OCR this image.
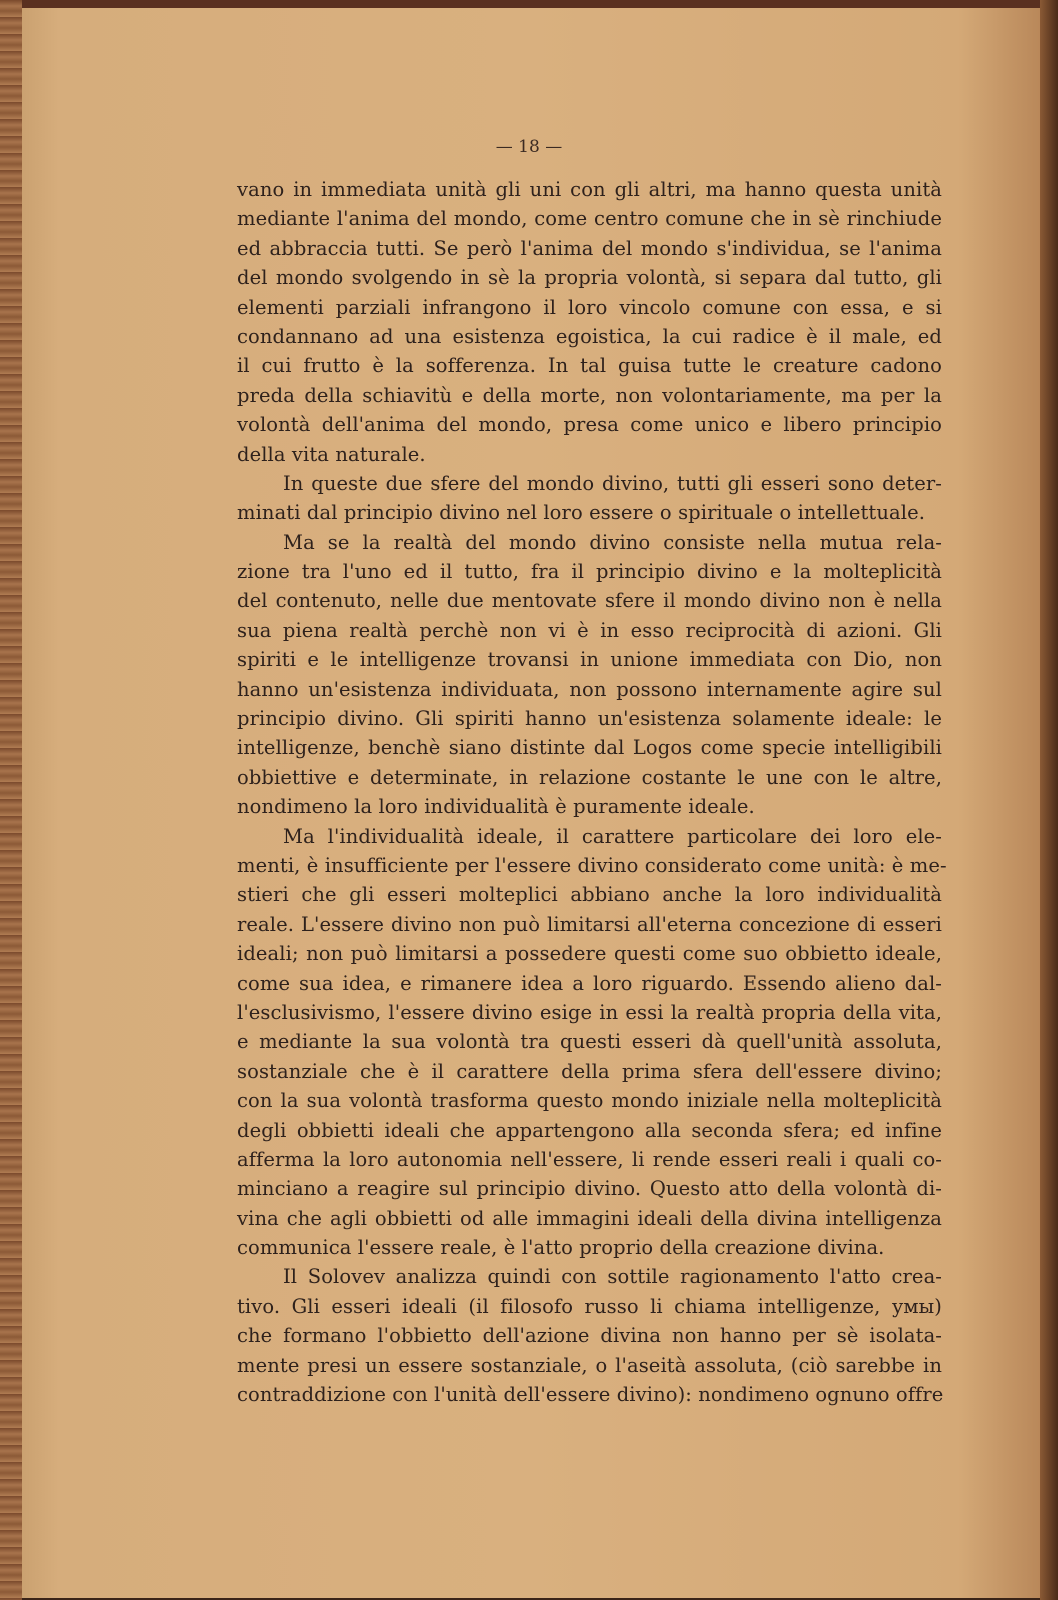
— 18 —
vano in immediata unità gli uni con gli altri, ma hanno questa unità
mediante l'anima del mondo, come centro comune che in sè rinchiude
ed abbraccia tutti. Se però l'anima del mondo s'individua, se l'anima
del mondo svolgendo in sè la propria volontà, si separa dal tutto, gli
elementi parziali infrangono il loro vincolo comune con essa, e si
condannano ad una esistenza egoistica, la cui radice è il male, ed
il cui frutto è la sofferenza. In tal guisa tutte le creature cadono
preda della schiavitù e della morte, non volontariamente, ma per la
volontà dell'anima del mondo, presa come unico e libero principio
della vita naturale.
In queste due sfere del mondo divino, tutti gli esseri sono deter-
minati dal principio divino nel loro essere o spirituale o intellettuale.
Ma se la realtà del mondo divino consiste nella mutua rela-
zione tra l'uno ed il tutto, fra il principio divino e la molteplicità
del contenuto, nelle due mentovate sfere il mondo divino non è nella
sua piena realtà perchè non vi è in esso reciprocità di azioni. Gli
spiriti e le intelligenze trovansi in unione immediata con Dio, non
hanno un'esistenza individuata, non possono internamente agire sul
principio divino. Gli spiriti hanno un'esistenza solamente ideale: le
intelligenze, benchè siano distinte dal Logos come specie intelligibili
obbiettive e determinate, in relazione costante le une con le altre,
nondimeno la loro individualità è puramente ideale.
Ma l'individualità ideale, il carattere particolare dei loro ele-
menti, è insufficiente per l'essere divino considerato come unità: è me-
stieri che gli esseri molteplici abbiano anche la loro individualità
reale. L'essere divino non può limitarsi all'eterna concezione di esseri
ideali; non può limitarsi a possedere questi come suo obbietto ideale,
come sua idea, e rimanere idea a loro riguardo. Essendo alieno dal-
l'esclusivismo, l'essere divino esige in essi la realtà propria della vita,
e mediante la sua volontà tra questi esseri dà quell'unità assoluta,
sostanziale che è il carattere della prima sfera dell'essere divino;
con la sua volontà trasforma questo mondo iniziale nella molteplicità
degli obbietti ideali che appartengono alla seconda sfera; ed infine
afferma la loro autonomia nell'essere, li rende esseri reali i quali co-
minciano a reagire sul principio divino. Questo atto della volontà di-
vina che agli obbietti od alle immagini ideali della divina intelligenza
communica l'essere reale, è l'atto proprio della creazione divina.
Il Solovev analizza quindi con sottile ragionamento l'atto crea-
tivo. Gli esseri ideali (il filosofo russo li chiama intelligenze, умы)
che formano l'obbietto dell'azione divina non hanno per sè isolata-
mente presi un essere sostanziale, o l'aseità assoluta, (ciò sarebbe in
contraddizione con l'unità dell'essere divino): nondimeno ognuno offre
